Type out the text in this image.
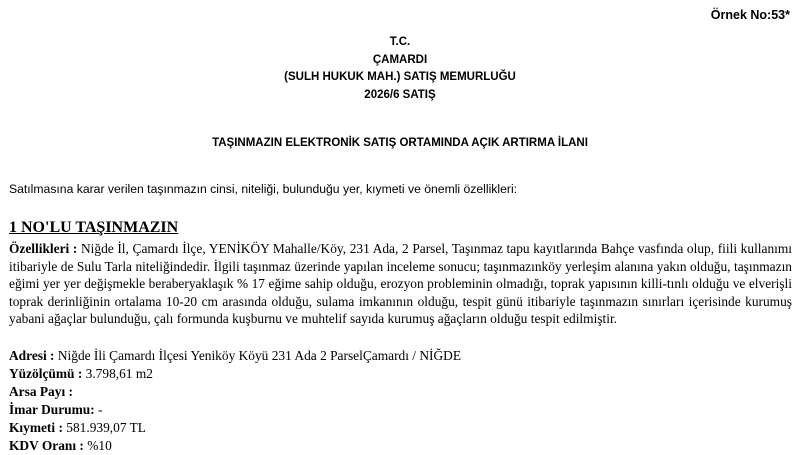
Örnek No:53*
T.C.
ÇAMARDI
(SULH HUKUK MAH.) SATIŞ MEMURLUĞU
2026/6 SATIŞ
TAŞINMAZIN ELEKTRONİK SATIŞ ORTAMINDA AÇIK ARTIRMA İLANI
Satılmasına karar verilen taşınmazın cinsi, niteliği, bulunduğu yer, kıymeti ve önemli özellikleri:
1 NO'LU TAŞINMAZIN
Özellikleri : Niğde İl, Çamardı İlçe, YENİKÖY Mahalle/Köy, 231 Ada, 2 Parsel, Taşınmaz tapu kayıtlarında Bahçe vasfında olup, fiili kullanımı itibariyle de Sulu Tarla niteliğindedir. İlgili taşınmaz üzerinde yapılan inceleme sonucu; taşınmazınköy yerleşim alanına yakın olduğu, taşınmazın eğimi yer yer değişmekle beraberyaklaşık % 17 eğime sahip olduğu, erozyon probleminin olmadığı, toprak yapısının killi-tınlı olduğu ve elverişli toprak derinliğinin ortalama 10-20 cm arasında olduğu, sulama imkanının olduğu, tespit günü itibariyle taşınmazın sınırları içerisinde kurumuş yabani ağaçlar bulunduğu, çalı formunda kuşburnu ve muhtelif sayıda kurumuş ağaçların olduğu tespit edilmiştir.
Adresi : Niğde İli Çamardı İlçesi Yeniköy Köyü 231 Ada 2 ParselÇamardı / NİĞDE
Yüzölçümü : 3.798,61 m2
Arsa Payı :
İmar Durumu: -
Kıymeti : 581.939,07 TL
KDV Oranı : %10
